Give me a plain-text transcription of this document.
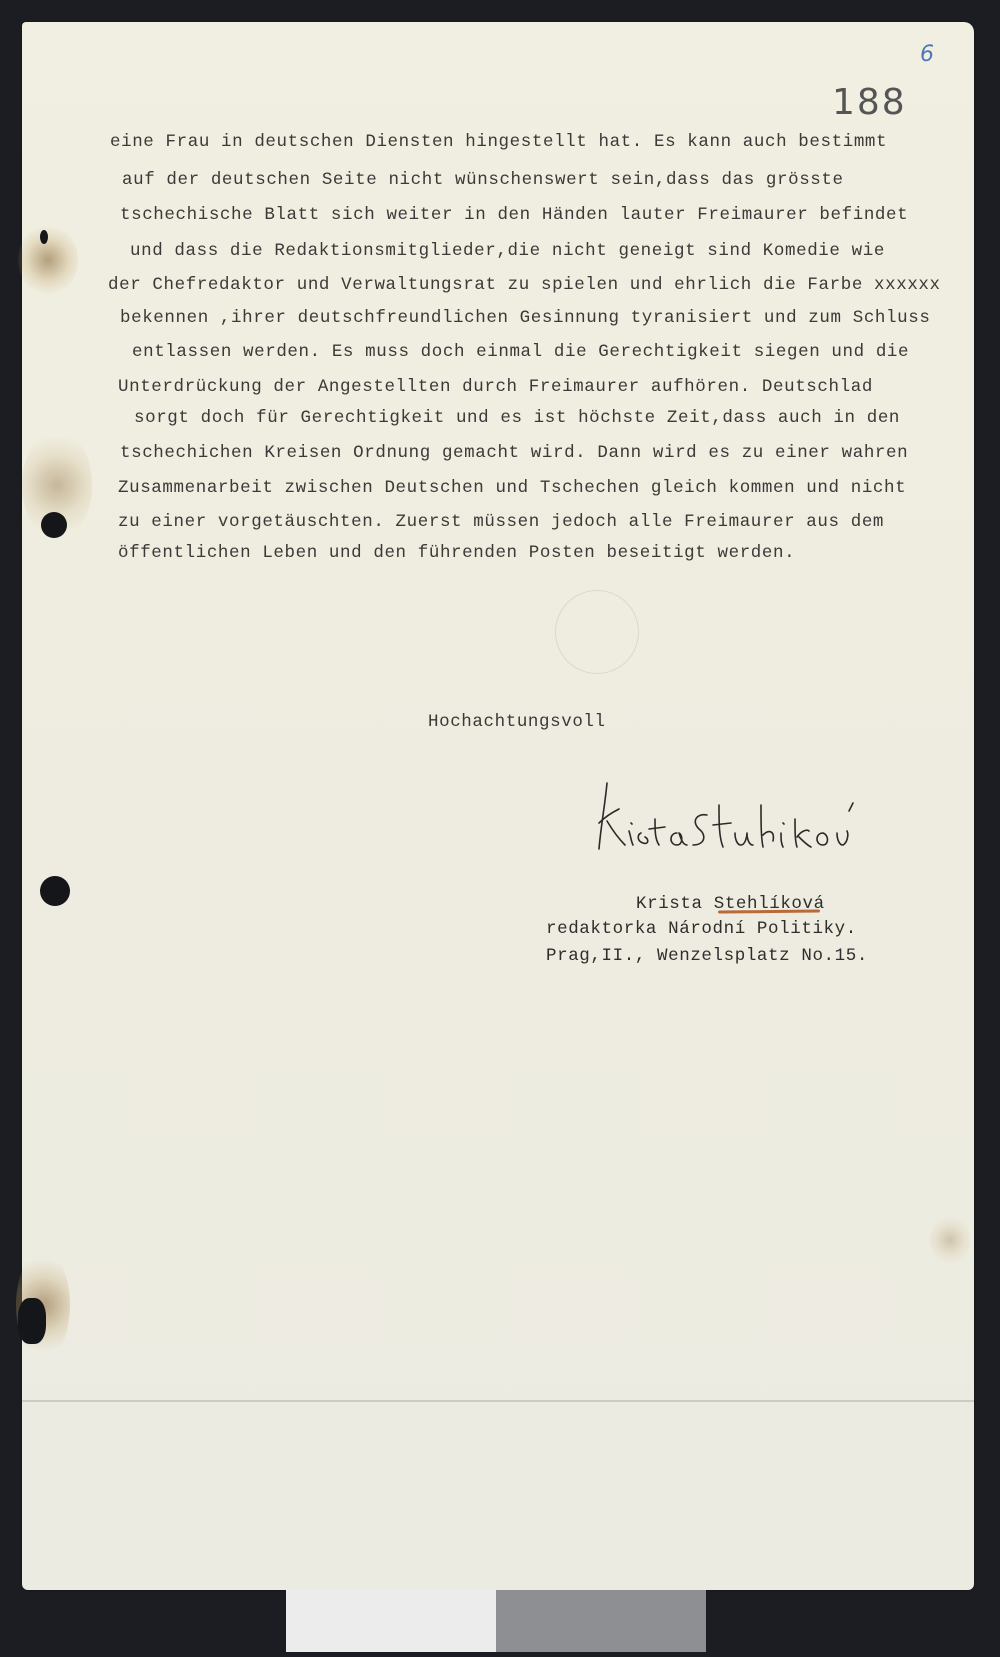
188
6
eine Frau in deutschen Diensten hingestellt hat. Es kann auch bestimmt
auf der deutschen Seite nicht wünschenswert sein,dass das grösste
tschechische Blatt sich weiter in den Händen lauter Freimaurer befindet
und dass die Redaktionsmitglieder,die nicht geneigt sind Komedie wie
der Chefredaktor und Verwaltungsrat zu spielen und ehrlich die Farbe xxxxxx
bekennen ,ihrer deutschfreundlichen Gesinnung tyranisiert und zum Schluss
entlassen werden. Es muss doch einmal die Gerechtigkeit siegen und die
Unterdrückung der Angestellten durch Freimaurer aufhören. Deutschlad
sorgt doch für Gerechtigkeit und es ist höchste Zeit,dass auch in den
tschechichen Kreisen Ordnung gemacht wird. Dann wird es zu einer wahren
Zusammenarbeit zwischen Deutschen und Tschechen gleich kommen und nicht
zu einer vorgetäuschten. Zuerst müssen jedoch alle Freimaurer aus dem
öffentlichen Leben und den führenden Posten beseitigt werden.
Hochachtungsvoll
Krista Stehlíková
redaktorka Národní Politiky.
Prag,II., Wenzelsplatz No.15.
